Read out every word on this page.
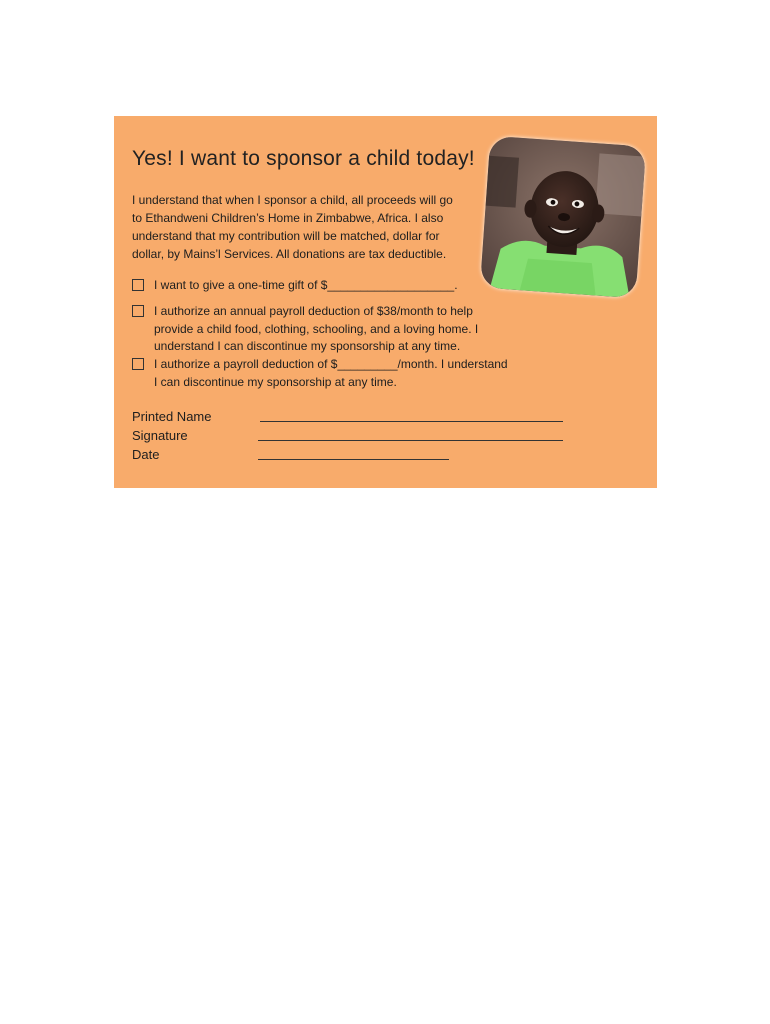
Yes! I want to sponsor a child today!
I understand that when I sponsor a child, all proceeds will go
to Ethandweni Children’s Home in Zimbabwe, Africa. I also
understand that my contribution will be matched, dollar for
dollar, by Mains’l Services. All donations are tax deductible.
I want to give a one-time gift of $___________________.
I authorize an annual payroll deduction of $38/month to help
provide a child food, clothing, schooling, and a loving home. I
understand I can discontinue my sponsorship at any time.
I authorize a payroll deduction of $_________/month. I understand
I can discontinue my sponsorship at any time.
Printed Name
Signature
Date
